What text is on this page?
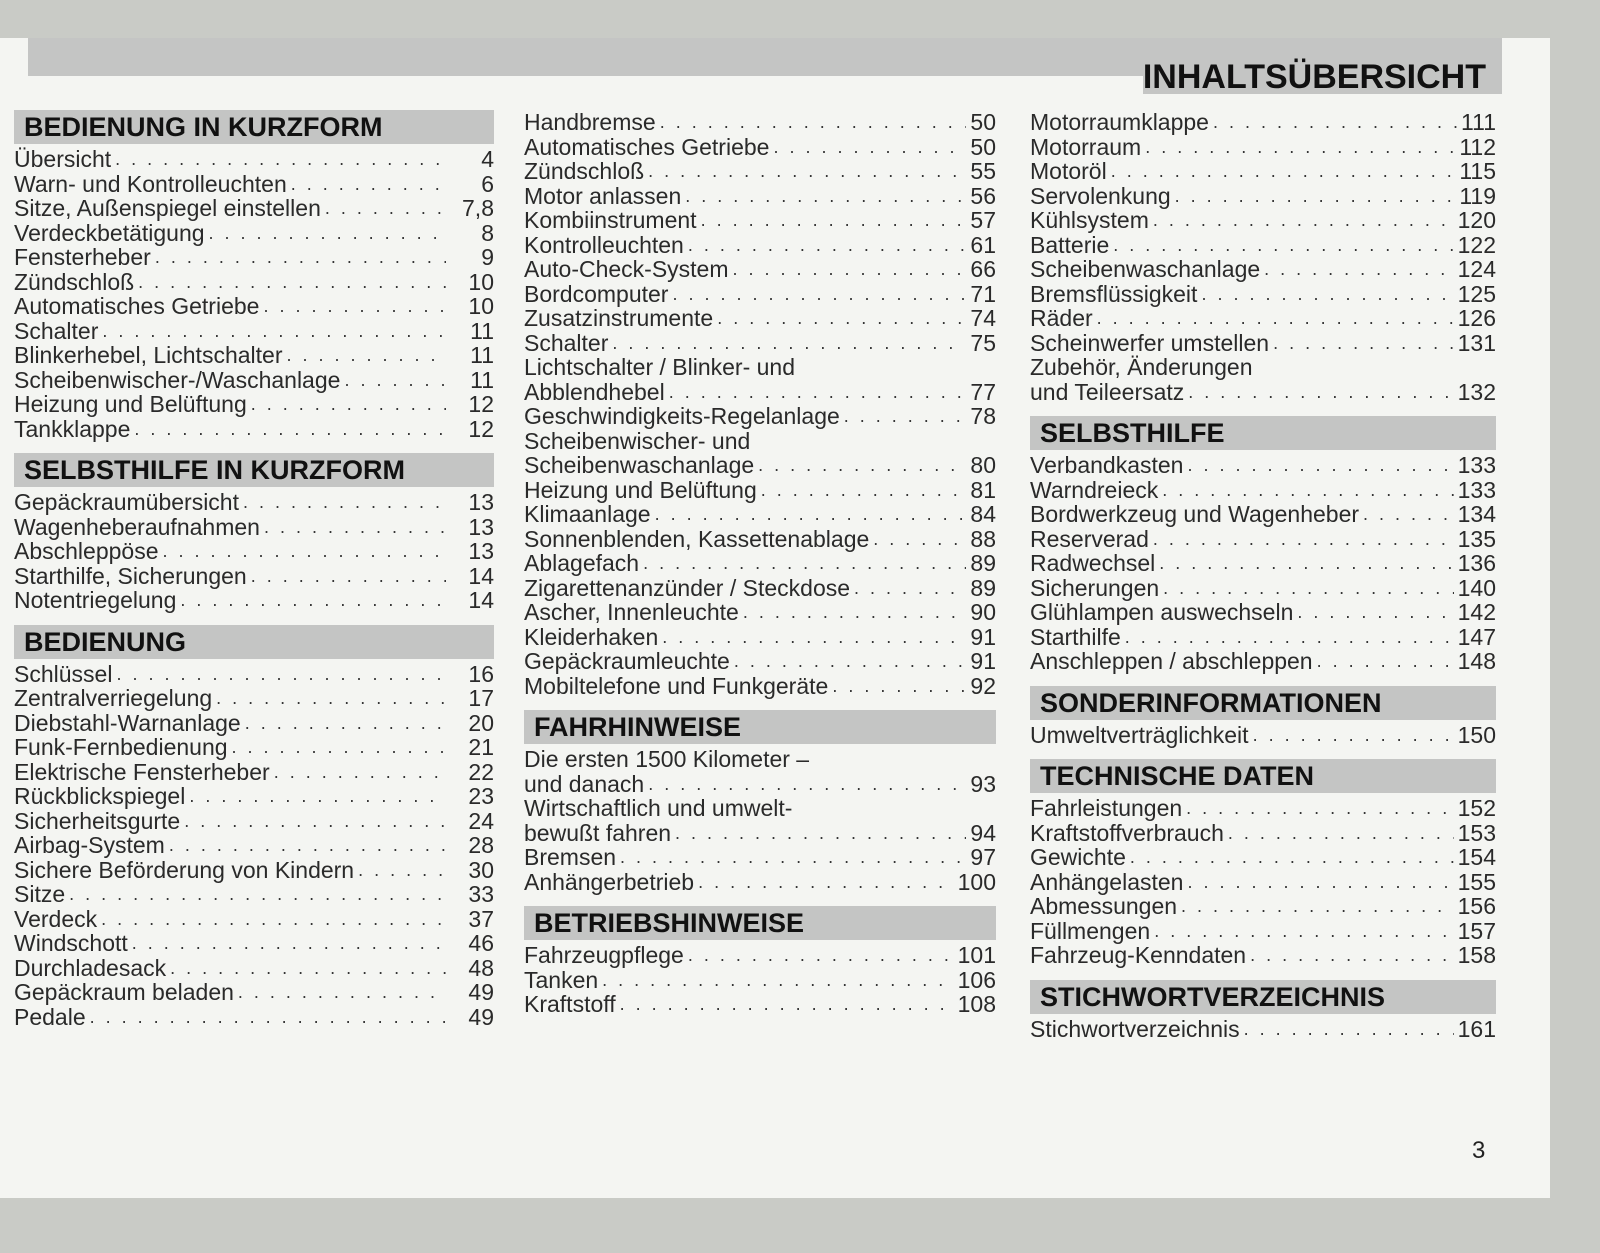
INHALTSÜBERSICHT
BEDIENUNG IN KURZFORM
Übersicht . . .	4
Warn- und Kontrolleuchten . . .	6
Sitze, Außenspiegel einstellen . . .	7,8
Verdeckbetätigung . . .	8
Fensterheber . . .	9
Zündschloß . . .	10
Automatisches Getriebe . . .	10
Schalter . . .	11
Blinkerhebel, Lichtschalter . . .	11
Scheibenwischer-/Waschanlage . . .	11
Heizung und Belüftung . . .	12
Tankklappe . . .	12
SELBSTHILFE IN KURZFORM
Gepäckraumübersicht . . .	13
Wagenheberaufnahmen . . .	13
Abschleppöse . . .	13
Starthilfe, Sicherungen . . .	14
Notentriegelung . . .	14
BEDIENUNG
Schlüssel . . .	16
Zentralverriegelung . . .	17
Diebstahl-Warnanlage . . .	20
Funk-Fernbedienung . . .	21
Elektrische Fensterheber . . .	22
Rückblickspiegel . . .	23
Sicherheitsgurte . . .	24
Airbag-System . . .	28
Sichere Beförderung von Kindern . . .	30
Sitze . . .	33
Verdeck . . .	37
Windschott . . .	46
Durchladesack . . .	48
Gepäckraum beladen . . .	49
Pedale . . .	49
Handbremse . . .	50
Automatisches Getriebe . . .	50
Zündschloß . . .	55
Motor anlassen . . .	56
Kombiinstrument . . .	57
Kontrolleuchten . . .	61
Auto-Check-System . . .	66
Bordcomputer . . .	71
Zusatzinstrumente . . .	74
Schalter . . .	75
Lichtschalter / Blinker- und
Abblendhebel . . .	77
Geschwindigkeits-Regelanlage . . .	78
Scheibenwischer- und
Scheibenwaschanlage . . .	80
Heizung und Belüftung . . .	81
Klimaanlage . . .	84
Sonnenblenden, Kassettenablage . . .	88
Ablagefach . . .	89
Zigarettenanzünder / Steckdose . . .	89
Ascher, Innenleuchte . . .	90
Kleiderhaken . . .	91
Gepäckraumleuchte . . .	91
Mobiltelefone und Funkgeräte . . .	92
FAHRHINWEISE
Die ersten 1500 Kilometer –
und danach . . .	93
Wirtschaftlich und umwelt-
bewußt fahren . . .	94
Bremsen . . .	97
Anhängerbetrieb . . .	100
BETRIEBSHINWEISE
Fahrzeugpflege . . .	101
Tanken . . .	106
Kraftstoff . . .	108
Motorraumklappe . . .	111
Motorraum . . .	112
Motoröl . . .	115
Servolenkung . . .	119
Kühlsystem . . .	120
Batterie . . .	122
Scheibenwaschanlage . . .	124
Bremsflüssigkeit . . .	125
Räder . . .	126
Scheinwerfer umstellen . . .	131
Zubehör, Änderungen
und Teileersatz . . .	132
SELBSTHILFE
Verbandkasten . . .	133
Warndreieck . . .	133
Bordwerkzeug und Wagenheber . . .	134
Reserverad . . .	135
Radwechsel . . .	136
Sicherungen . . .	140
Glühlampen auswechseln . . .	142
Starthilfe . . .	147
Anschleppen / abschleppen . . .	148
SONDERINFORMATIONEN
Umweltverträglichkeit . . .	150
TECHNISCHE DATEN
Fahrleistungen . . .	152
Kraftstoffverbrauch . . .	153
Gewichte . . .	154
Anhängelasten . . .	155
Abmessungen . . .	156
Füllmengen . . .	157
Fahrzeug-Kenndaten . . .	158
STICHWORTVERZEICHNIS
Stichwortverzeichnis . . .	161
3
